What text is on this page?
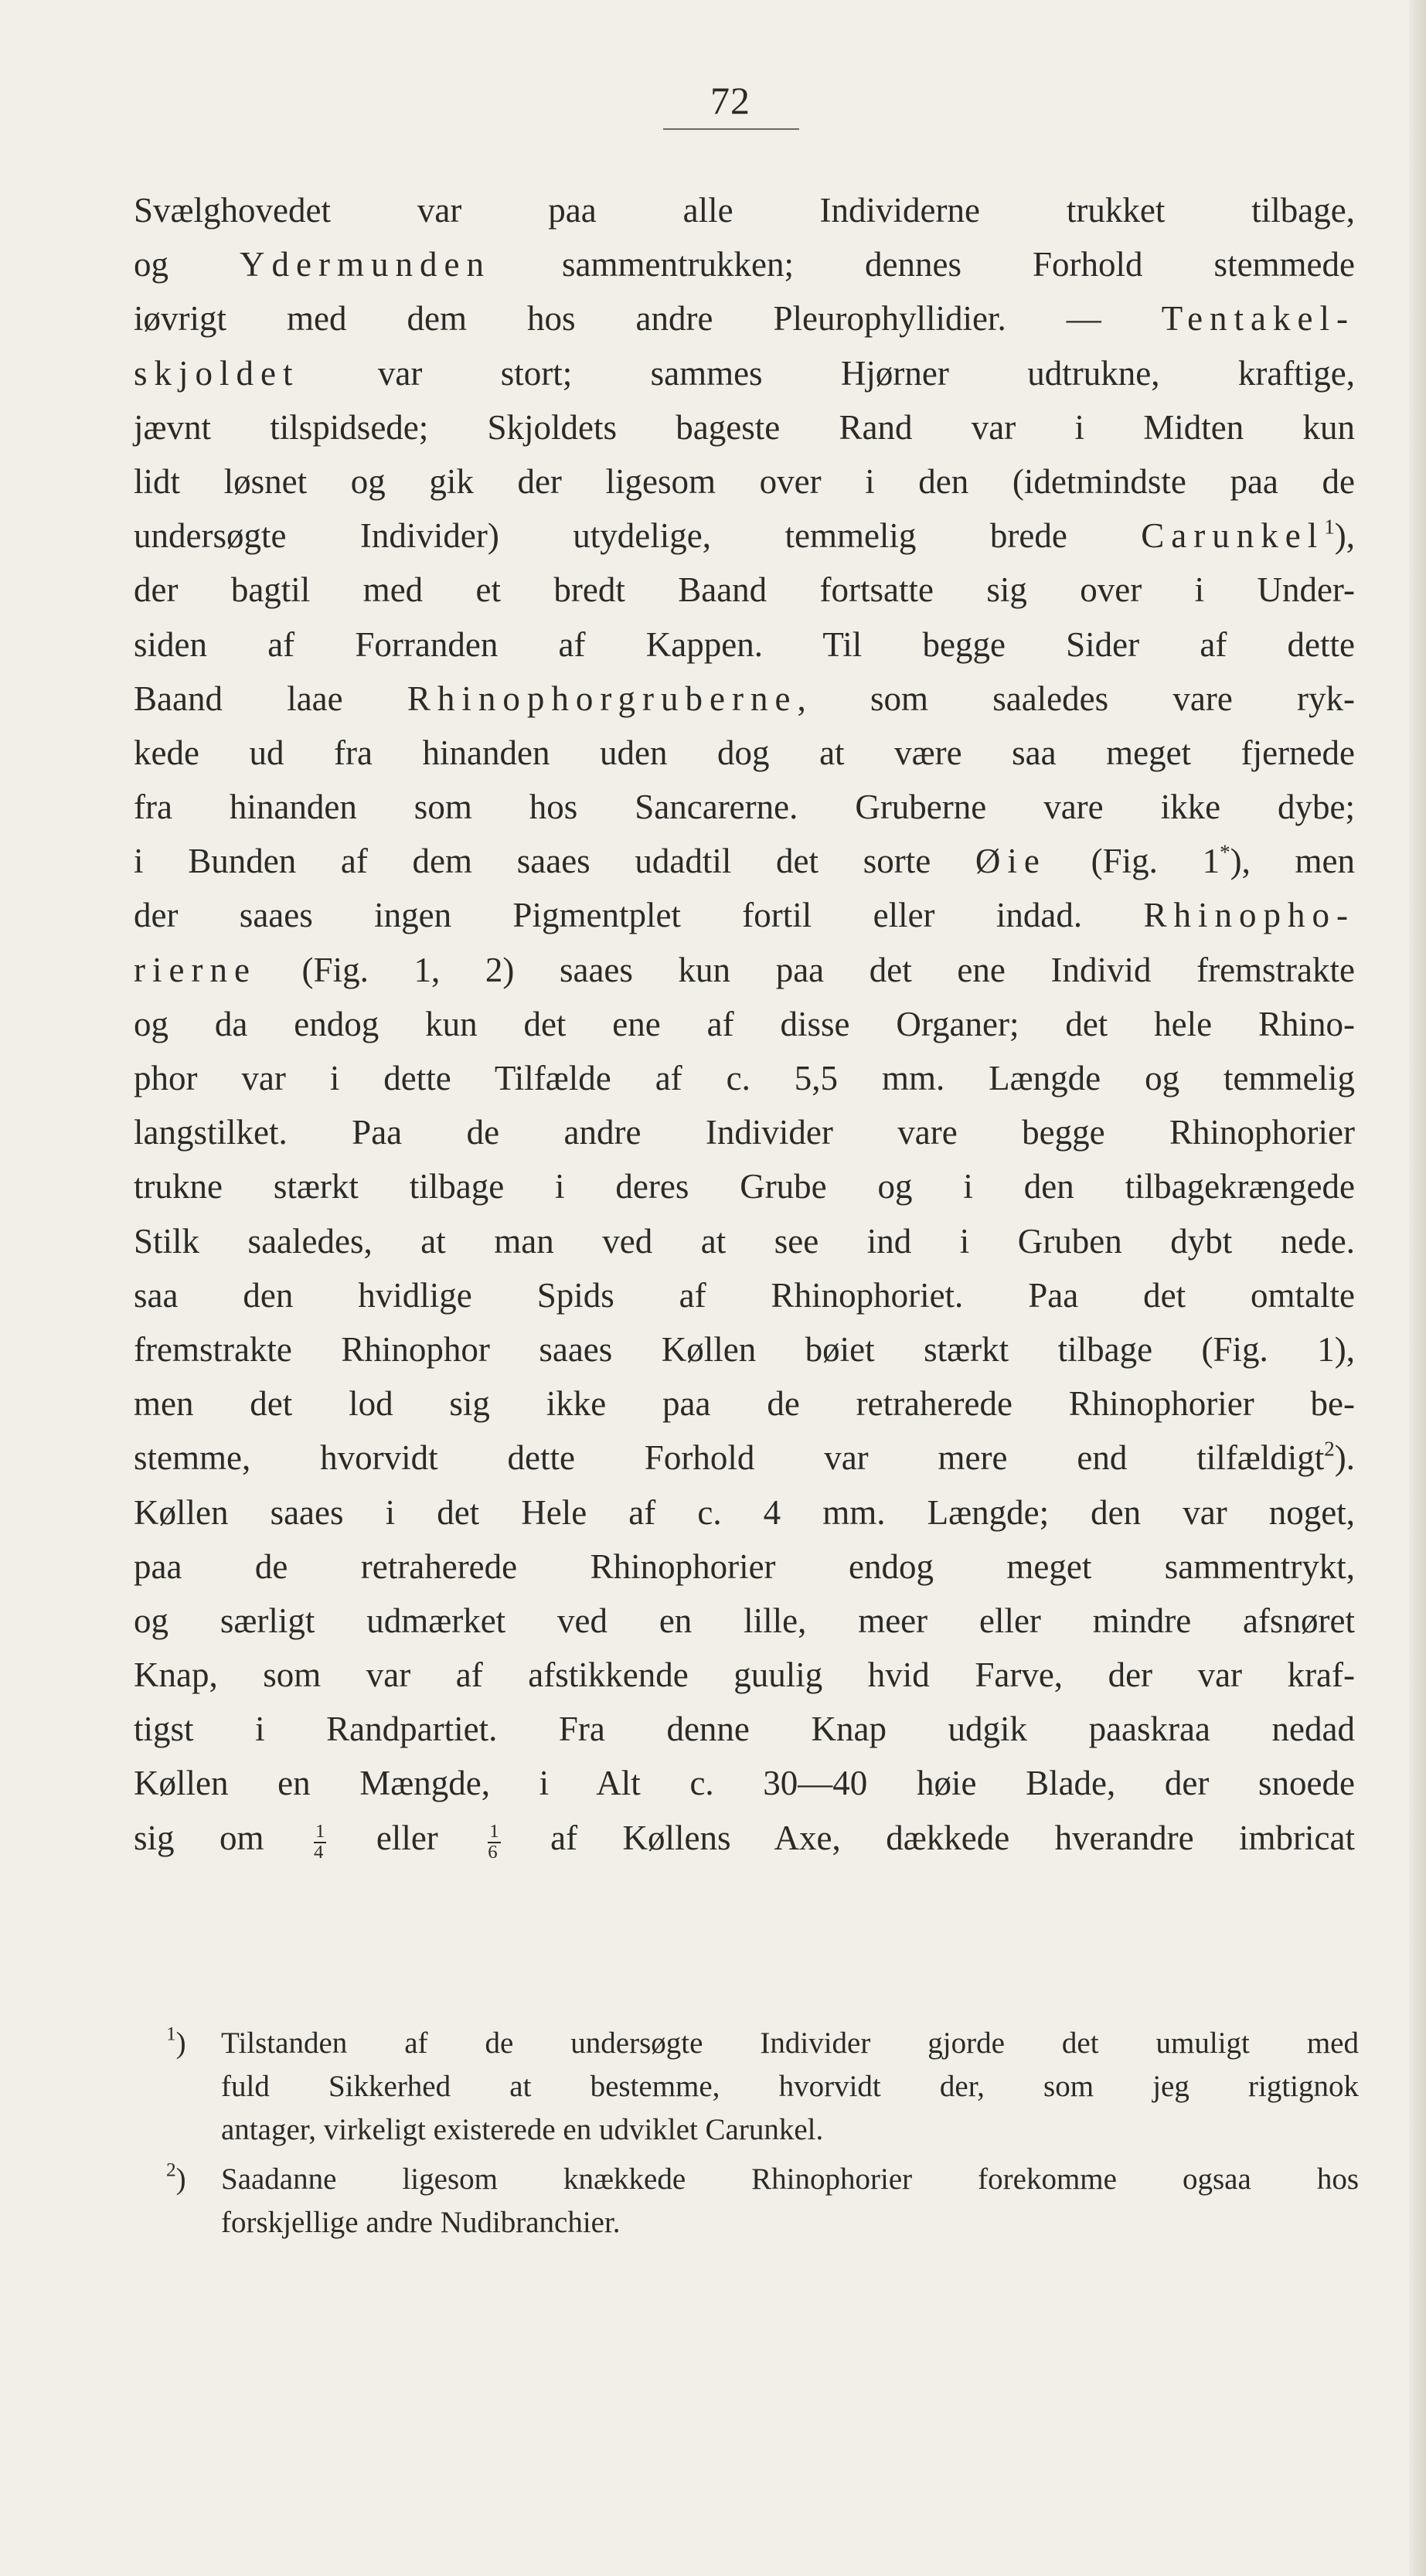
72
Svælghovedet var paa alle Individerne trukket tilbage,
og Ydermunden sammentrukken; dennes Forhold stemmede
iøvrigt med dem hos andre Pleurophyllidier. — Tentakel-
skjoldet var stort; sammes Hjørner udtrukne, kraftige,
jævnt tilspidsede; Skjoldets bageste Rand var i Midten kun
lidt løsnet og gik der ligesom over i den (idetmindste paa de
undersøgte Individer) utydelige, temmelig brede Carunkel$^1$),
der bagtil med et bredt Baand fortsatte sig over i Under-
siden af Forranden af Kappen. Til begge Sider af dette
Baand laae Rhinophorgruberne, som saaledes vare ryk-
kede ud fra hinanden uden dog at være saa meget fjernede
fra hinanden som hos Sancarerne. Gruberne vare ikke dybe;
i Bunden af dem saaes udadtil det sorte Øie (Fig. 1*), men
der saaes ingen Pigmentplet fortil eller indad. Rhinopho-
rierne (Fig. 1, 2) saaes kun paa det ene Individ fremstrakte
og da endog kun det ene af disse Organer; det hele Rhino-
phor var i dette Tilfælde af c. 5,5 mm. Længde og temmelig
langstilket. Paa de andre Individer vare begge Rhinophorier
trukne stærkt tilbage i deres Grube og i den tilbagekrængede
Stilk saaledes, at man ved at see ind i Gruben dybt nede.
saa den hvidlige Spids af Rhinophoriet. Paa det omtalte
fremstrakte Rhinophor saaes Køllen bøiet stærkt tilbage (Fig. 1),
men det lod sig ikke paa de retraherede Rhinophorier be-
stemme, hvorvidt dette Forhold var mere end tilfældigt$^2$).
Køllen saaes i det Hele af c. 4 mm. Længde; den var noget,
paa de retraherede Rhinophorier endog meget sammentrykt,
og særligt udmærket ved en lille, meer eller mindre afsnøret
Knap, som var af afstikkende guulig hvid Farve, der var kraf-
tigst i Randpartiet. Fra denne Knap udgik paaskraa nedad
Køllen en Mængde, i Alt c. 30—40 høie Blade, der snoede
sig om $\frac{1}{4}$ eller $\frac{1}{6}$ af Køllens Axe, dækkede hverandre imbricat
$^1$)	Tilstanden af de undersøgte Individer gjorde det umuligt med
fuld Sikkerhed at bestemme, hvorvidt der, som jeg rigtignok
antager, virkeligt existerede en udviklet Carunkel.
$^2$)	Saadanne ligesom knækkede Rhinophorier forekomme ogsaa hos
forskjellige andre Nudibranchier.
